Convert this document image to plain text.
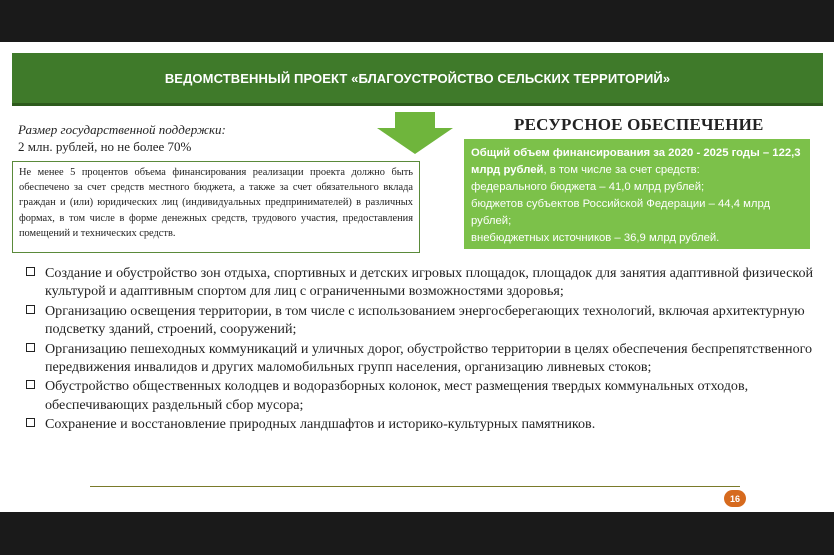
ВЕДОМСТВЕННЫЙ ПРОЕКТ «БЛАГОУСТРОЙСТВО СЕЛЬСКИХ ТЕРРИТОРИЙ»
Размер государственной поддержки:
2 млн. рублей, но не более 70%
РЕСУРСНОЕ ОБЕСПЕЧЕНИЕ
Не менее 5 процентов объема финансирования реализации проекта должно быть обеспечено за счет средств местного бюджета, а также за счет обязательного вклада граждан и (или) юридических лиц (индивидуальных предпринимателей) в различных формах, в том числе в форме денежных средств, трудового участия, предоставления помещений и технических средств.
Общий объем финансирования за 2020 - 2025 годы – 122,3 млрд рублей, в том числе за счет средств:
федерального бюджета – 41,0 млрд рублей;
бюджетов субъектов Российской Федерации – 44,4 млрд рублей;
внебюджетных источников – 36,9 млрд рублей.
Создание и обустройство зон отдыха, спортивных и детских игровых площадок, площадок для занятия адаптивной физической культурой и адаптивным спортом для лиц с ограниченными возможностями здоровья;
Организацию освещения территории, в том числе с использованием энергосберегающих технологий, включая архитектурную подсветку зданий, строений, сооружений;
Организацию пешеходных коммуникаций и уличных дорог, обустройство территории в целях обеспечения беспрепятственного передвижения инвалидов и других маломобильных групп населения, организацию ливневых стоков;
Обустройство общественных колодцев и водоразборных колонок, мест размещения твердых коммунальных отходов, обеспечивающих раздельный сбор мусора;
Сохранение и восстановление природных ландшафтов и историко-культурных памятников.
16
